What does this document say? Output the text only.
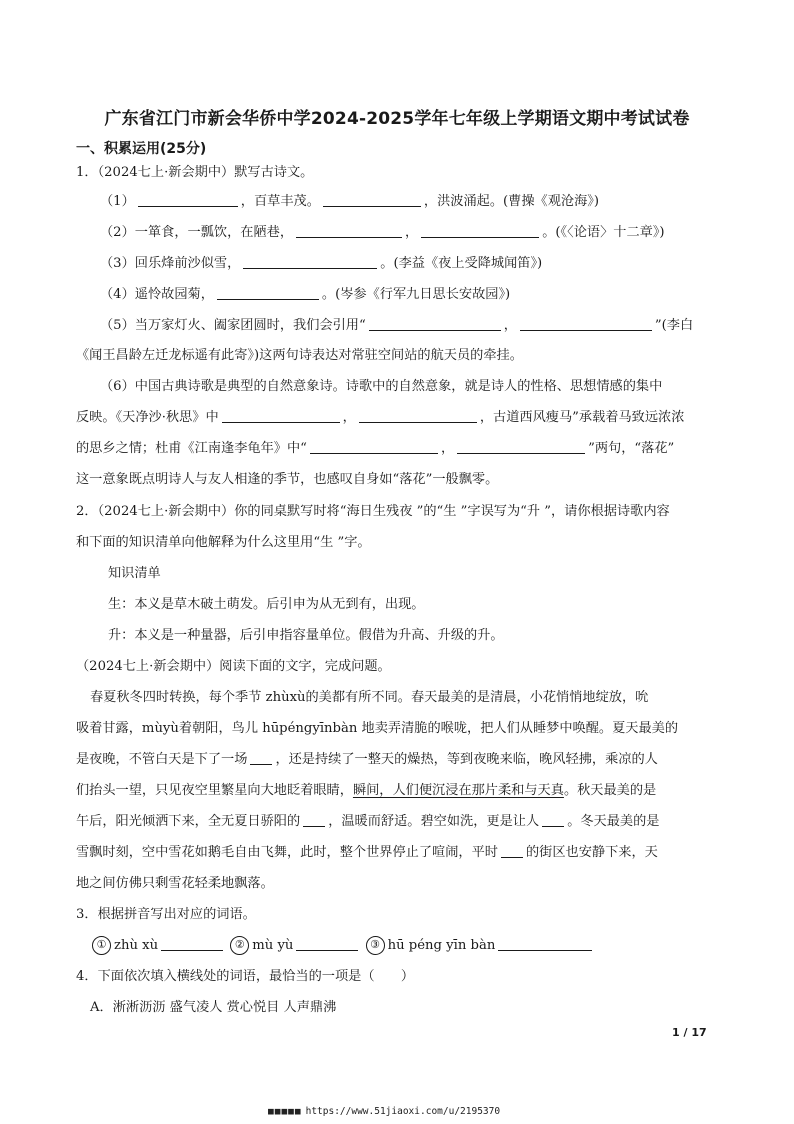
广东省江门市新会华侨中学2024-2025学年七年级上学期语文期中考试试卷
一、积累运用(25分)
1．（2024七上·新会期中）默写古诗文。
（1）	，百草丰茂。	，洪波涌起。(曹操《观沧海》)
（2）一箪食，一瓢饮，在陋巷，	，	。(《〈论语〉十二章》)
（3）回乐烽前沙似雪，	。(李益《夜上受降城闻笛》)
（4）遥怜故园菊，	。(岑参《行军九日思长安故园》)
（5）当万家灯火、阖家团圆时，我们会引用“	，	”(李白
《闻王昌龄左迁龙标遥有此寄》)这两句诗表达对常驻空间站的航天员的牵挂。
（6）中国古典诗歌是典型的自然意象诗。诗歌中的自然意象，就是诗人的性格、思想情感的集中
反映。《天净沙·秋思》中	，	，古道西风瘦马”承载着马致远浓浓
的思乡之情；杜甫《江南逢李龟年》中“	，	”两句，“落花”
这一意象既点明诗人与友人相逢的季节，也感叹自身如“落花”一般飘零。
2．（2024七上·新会期中）你的同桌默写时将“海日生残夜 ”的“生 ”字误写为“升 ”，请你根据诗歌内容
和下面的知识清单向他解释为什么这里用“生 ”字。
知识清单
生：本义是草木破土萌发。后引申为从无到有，出现。
升：本义是一种量器，后引申指容量单位。假借为升高、升级的升。
（2024七上·新会期中）阅读下面的文字，完成问题。
春夏秋冬四时转换，每个季节 zhùxù的美都有所不同。春天最美的是清晨，小花悄悄地绽放，吮
吸着甘露，mùyù着朝阳，鸟儿 hūpéngyīnbàn 地卖弄清脆的喉咙，把人们从睡梦中唤醒。夏天最美的
是夜晚，不管白天是下了一场 ，还是持续了一整天的燥热，等到夜晚来临，晚风轻拂，乘凉的人
们抬头一望，只见夜空里繁星向大地眨着眼睛，瞬间，人们便沉浸在那片柔和与天真。秋天最美的是
午后，阳光倾洒下来，全无夏日骄阳的 ，温暖而舒适。碧空如洗，更是让人 。冬天最美的是
雪飘时刻，空中雪花如鹅毛自由飞舞，此时，整个世界停止了喧闹，平时 的街区也安静下来，天
地之间仿佛只剩雪花轻柔地飘落。
3．根据拼音写出对应的词语。
① zhù xù	② mù yù	③ hū péng yīn bàn
4．下面依次填入横线处的词语，最恰当的一项是（　　）
A．淅淅沥沥 盛气凌人 赏心悦目 人声鼎沸
1 / 17
■■■■■ https://www.51jiaoxi.com/u/2195370
